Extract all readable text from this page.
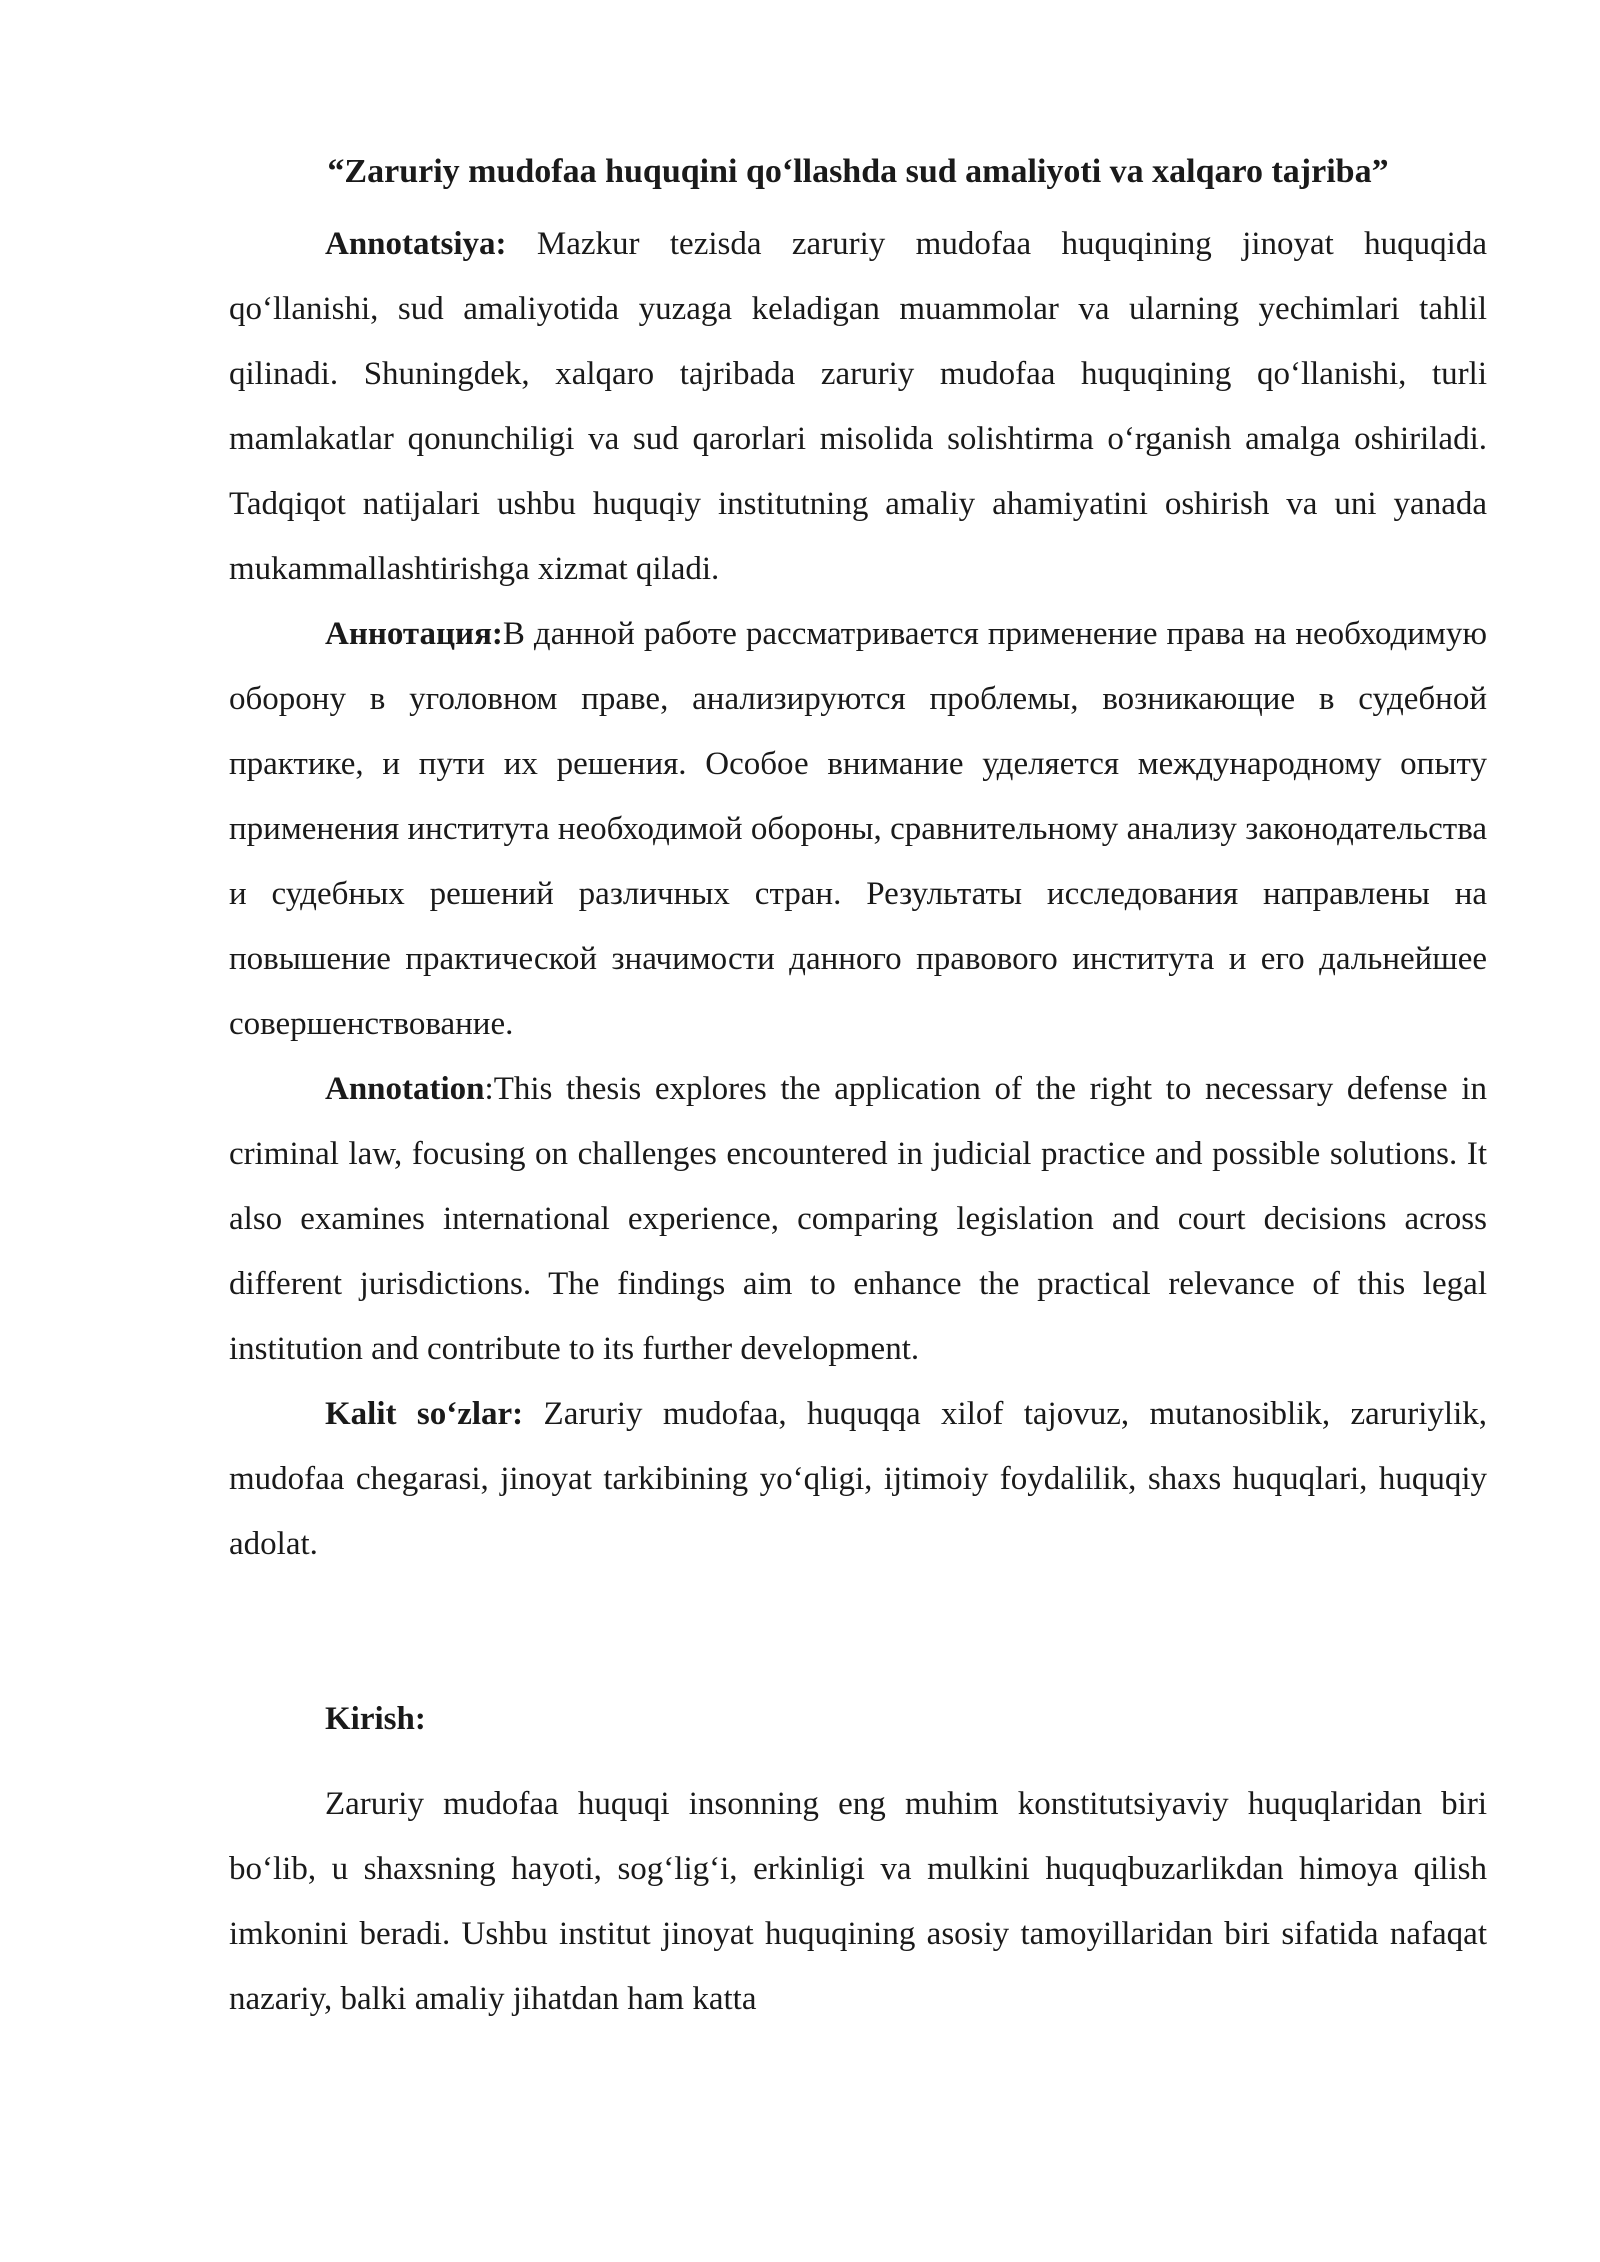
“Zaruriy mudofaa huquqini qo‘llashda sud amaliyoti va xalqaro tajriba”

Annotatsiya: Mazkur tezisda zaruriy mudofaa huquqining jinoyat huquqida qo‘llanishi, sud amaliyotida yuzaga keladigan muammolar va ularning yechimlari tahlil qilinadi. Shuningdek, xalqaro tajribada zaruriy mudofaa huquqining qo‘llanishi, turli mamlakatlar qonunchiligi va sud qarorlari misolida solishtirma o‘rganish amalga oshiriladi. Tadqiqot natijalari ushbu huquqiy institutning amaliy ahamiyatini oshirish va uni yanada mukammallashtirishga xizmat qiladi.

Аннотация:В данной работе рассматривается применение права на необходимую оборону в уголовном праве, анализируются проблемы, возникающие в судебной практике, и пути их решения. Особое внимание уделяется международному опыту применения института необходимой обороны, сравнительному анализу законодательства и судебных решений различных стран. Результаты исследования направлены на повышение практической значимости данного правового института и его дальнейшее совершенствование.

Annotation:This thesis explores the application of the right to necessary defense in criminal law, focusing on challenges encountered in judicial practice and possible solutions. It also examines international experience, comparing legislation and court decisions across different jurisdictions. The findings aim to enhance the practical relevance of this legal institution and contribute to its further development.

Kalit so‘zlar: Zaruriy mudofaa, huquqqa xilof tajovuz, mutanosiblik, zaruriylik, mudofaa chegarasi, jinoyat tarkibining yo‘qligi, ijtimoiy foydalilik, shaxs huquqlari, huquqiy adolat.

Kirish:

Zaruriy mudofaa huquqi insonning eng muhim konstitutsiyaviy huquqlaridan biri bo‘lib, u shaxsning hayoti, sog‘lig‘i, erkinligi va mulkini huquqbuzarlikdan himoya qilish imkonini beradi. Ushbu institut jinoyat huquqining asosiy tamoyillaridan biri sifatida nafaqat nazariy, balki amaliy jihatdan ham katta
